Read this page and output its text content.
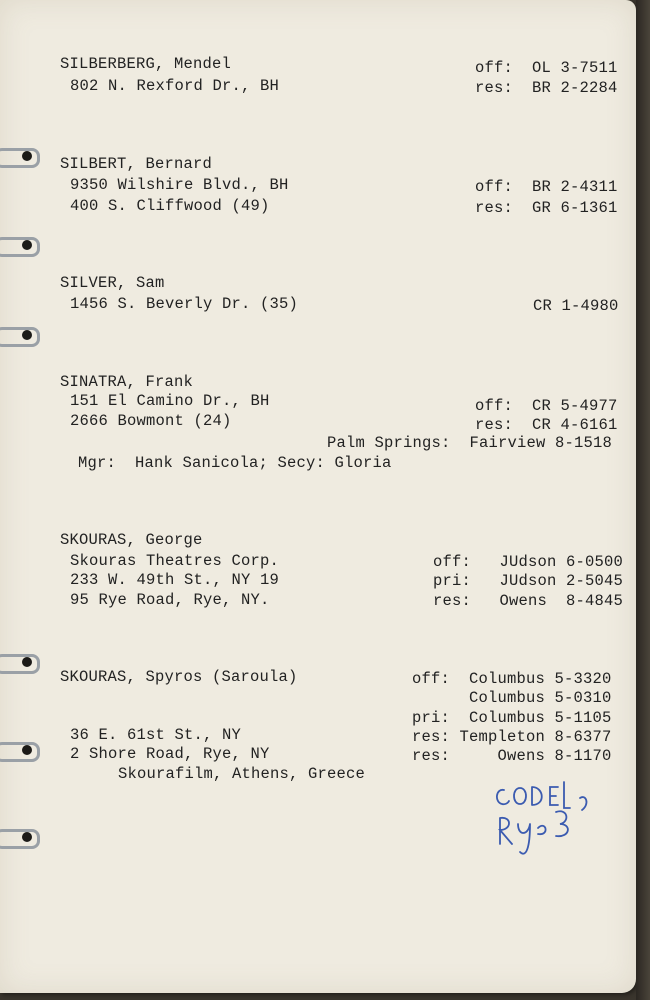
SILBERBERG, Mendel
802 N. Rexford Dr., BH
off:  OL 3-7511
res:  BR 2-2284
SILBERT, Bernard
9350 Wilshire Blvd., BH
400 S. Cliffwood (49)
off:  BR 2-4311
res:  GR 6-1361
SILVER, Sam
1456 S. Beverly Dr. (35)	CR 1-4980
SINATRA, Frank
151 El Camino Dr., BH
2666 Bowmont (24)
off:  CR 5-4977
res:  CR 4-6161
Palm Springs:  Fairview 8-1518
Mgr:  Hank Sanicola; Secy: Gloria
SKOURAS, George
Skouras Theatres Corp.
233 W. 49th St., NY 19
95 Rye Road, Rye, NY.
off:   JUdson 6-0500
pri:   JUdson 2-5045
res:   Owens  8-4845
SKOURAS, Spyros (Saroula)
36 E. 61st St., NY
2 Shore Road, Rye, NY
Skourafilm, Athens, Greece
off:  Columbus 5-3320
Columbus 5-0310
pri:  Columbus 5-1105
res: Templeton 8-6377
res:     Owens 8-1170
